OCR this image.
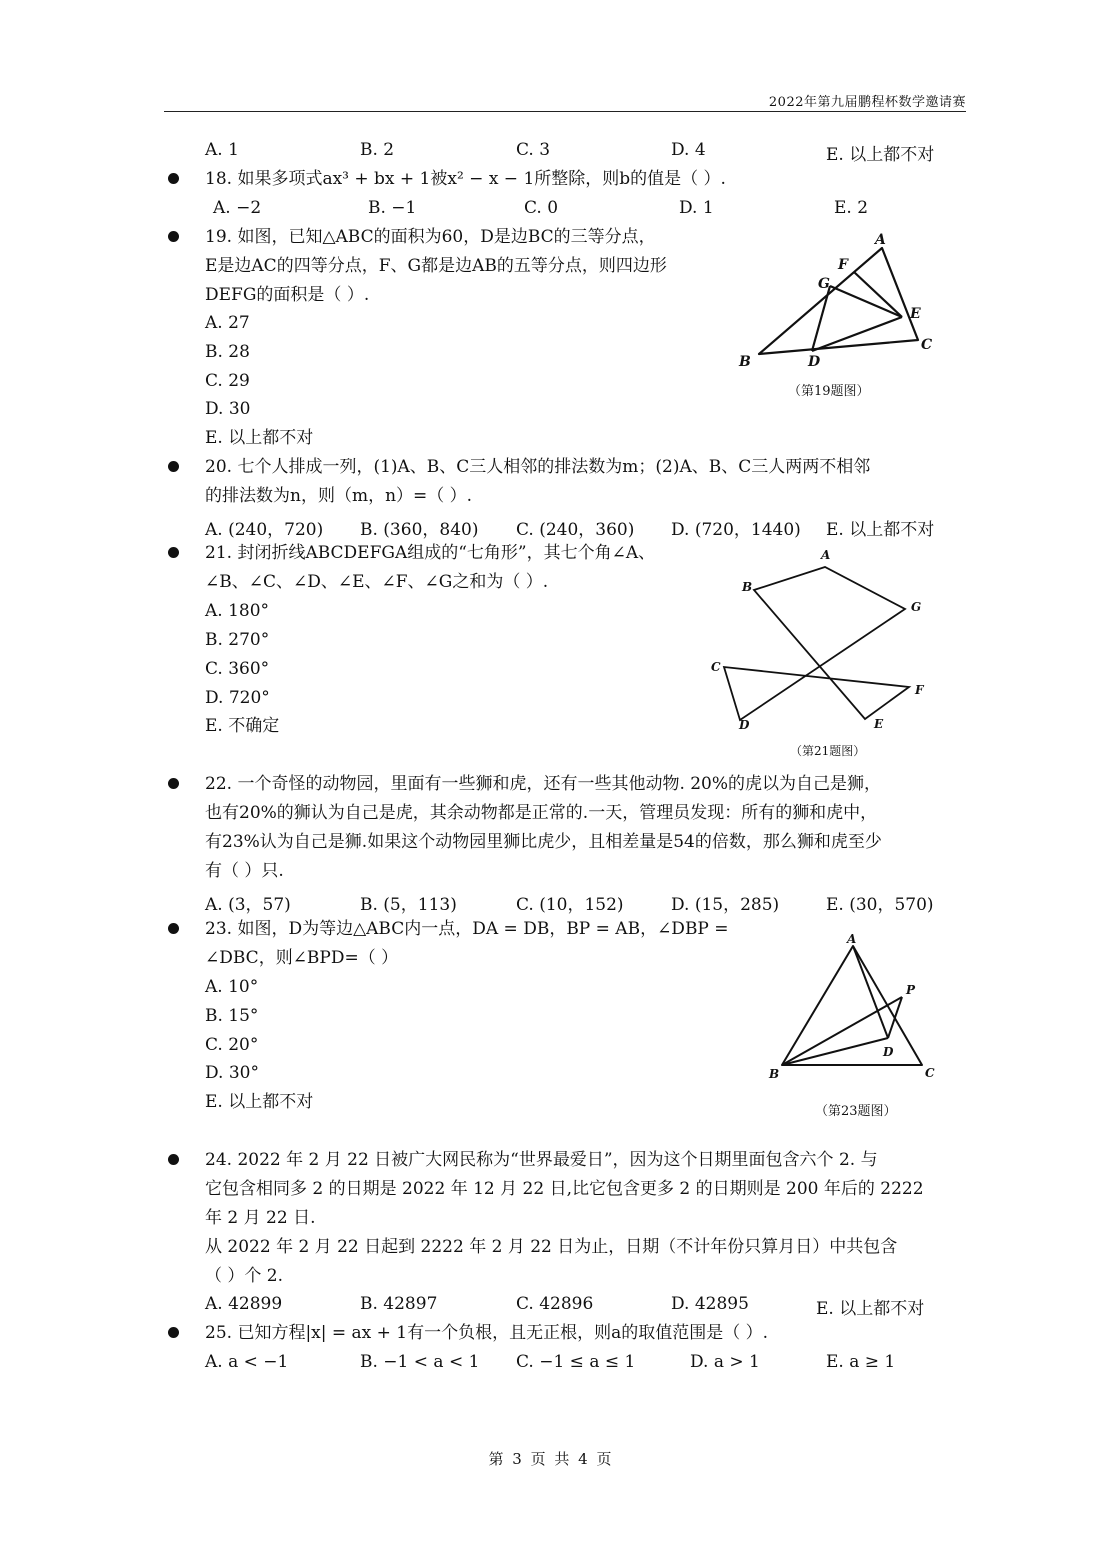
2022年第九届鹏程杯数学邀请赛
A. 1	B. 2	C. 3	D. 4	E. 以上都不对
18. 如果多项式ax³ + bx + 1被x² − x − 1所整除，则b的值是（ ）.
A. −2	B. −1	C. 0	D. 1	E. 2
19. 如图，已知△ABC的面积为60，D是边BC的三等分点，
E是边AC的四等分点，F、G都是边AB的五等分点，则四边形
DEFG的面积是（ ）.
A. 27
B. 28
C. 29
D. 30
E. 以上都不对
A
B
C
D
E
F
G
（第19题图）
20. 七个人排成一列，(1)A、B、C三人相邻的排法数为m；(2)A、B、C三人两两不相邻
的排法数为n，则（m，n）=（ ）.
A. (240，720) B. (360，840) C. (240，360) D. (720，1440) E. 以上都不对
21. 封闭折线ABCDEFGA组成的“七角形”，其七个角∠A、
∠B、∠C、∠D、∠E、∠F、∠G之和为（ ）.
A. 180°
B. 270°
C. 360°
D. 720°
E. 不确定
A
B
C
D	E
F
G
（第21题图）
22. 一个奇怪的动物园，里面有一些狮和虎，还有一些其他动物. 20%的虎以为自己是狮，
也有20%的狮认为自己是虎，其余动物都是正常的.一天，管理员发现：所有的狮和虎中，
有23%认为自己是狮.如果这个动物园里狮比虎少，且相差量是54的倍数，那么狮和虎至少
有（ ）只.
A. (3，57)	B. (5，113)	C. (10，152)	D. (15，285)	E. (30，570)
23. 如图，D为等边△ABC内一点，DA = DB，BP = AB，∠DBP =
∠DBC，则∠BPD=（ ）
A. 10°
B. 15°
C. 20°
D. 30°
E. 以上都不对
A
B	C
D
P
（第23题图）
24. 2022 年 2 月 22 日被广大网民称为“世界最爱日”，因为这个日期里面包含六个 2. 与
它包含相同多 2 的日期是 2022 年 12 月 22 日,比它包含更多 2 的日期则是 200 年后的 2222
年 2 月 22 日.
从 2022 年 2 月 22 日起到 2222 年 2 月 22 日为止，日期（不计年份只算月日）中共包含
（ ）个 2.
A. 42899	B. 42897	C. 42896	D. 42895	E. 以上都不对
25. 已知方程|x| = ax + 1有一个负根，且无正根，则a的取值范围是（ ）.
A. a < −1	B. −1 < a < 1 C. −1 ≤ a ≤ 1	D. a > 1	E. a ≥ 1
第 3 页 共 4 页
